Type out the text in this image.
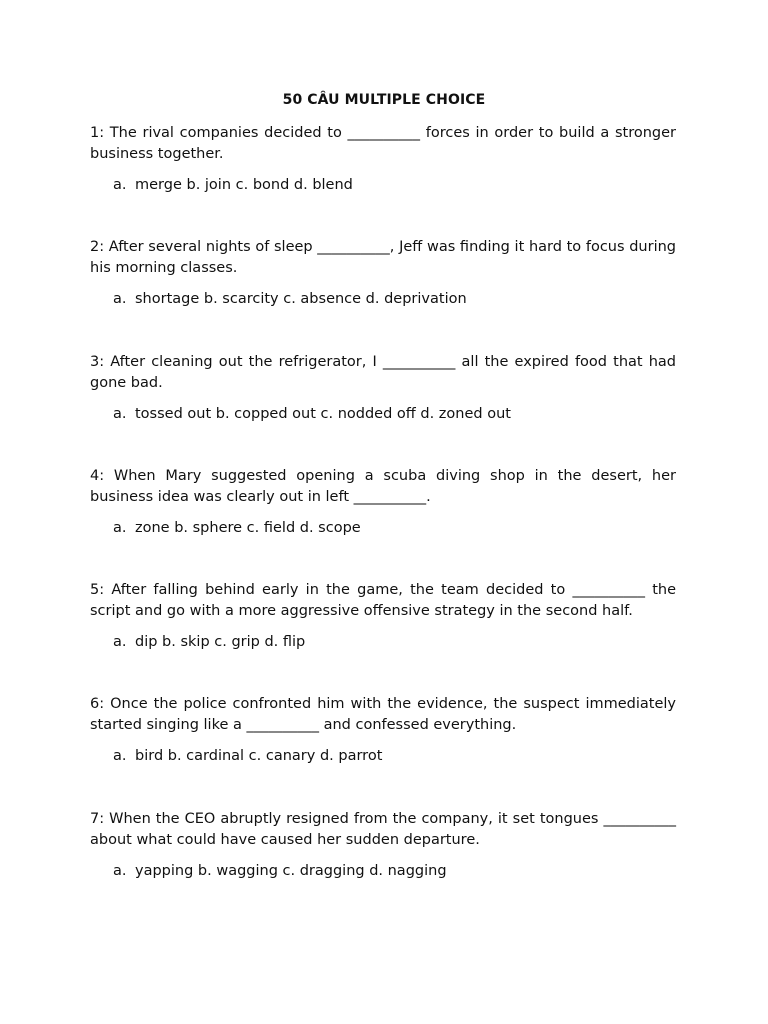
50 CÂU MULTIPLE CHOICE

1: The rival companies decided to __________ forces in order to build a stronger business together.

a. merge b. join c. bond d. blend

2: After several nights of sleep __________, Jeff was finding it hard to focus during his morning classes.

a. shortage b. scarcity c. absence d. deprivation

3: After cleaning out the refrigerator, I __________ all the expired food that had gone bad.

a. tossed out b. copped out c. nodded off d. zoned out

4: When Mary suggested opening a scuba diving shop in the desert, her business idea was clearly out in left __________.

a. zone b. sphere c. field d. scope

5: After falling behind early in the game, the team decided to __________ the script and go with a more aggressive offensive strategy in the second half.

a. dip b. skip c. grip d. flip

6: Once the police confronted him with the evidence, the suspect immediately started singing like a __________ and confessed everything.

a. bird b. cardinal c. canary d. parrot

7: When the CEO abruptly resigned from the company, it set tongues __________ about what could have caused her sudden departure.

a. yapping b. wagging c. dragging d. nagging
